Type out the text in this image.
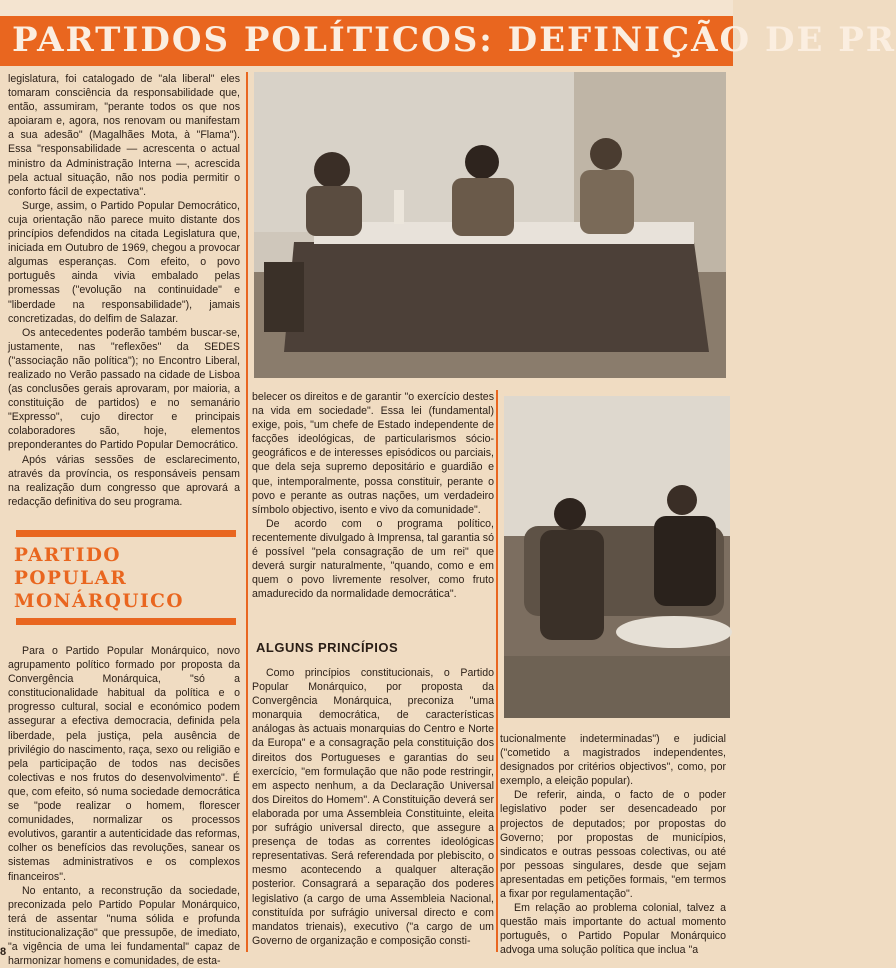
PARTIDOS POLÍTICOS: DEFINIÇÃO DE PR

legislatura, foi catalogado de "ala liberal" eles tomaram consciência da responsabilidade que, então, assumiram, "perante todos os que nos apoiaram e, agora, nos renovam ou manifestam a sua adesão" (Magalhães Mota, à "Flama"). Essa "responsabilidade — acrescenta o actual ministro da Administração Interna —, acrescida pela actual situação, não nos podia permitir o conforto fácil de expectativa".

Surge, assim, o Partido Popular Democrático, cuja orientação não parece muito distante dos princípios defendidos na citada Legislatura que, iniciada em Outubro de 1969, chegou a provocar algumas esperanças. Com efeito, o povo português ainda vivia embalado pelas promessas ("evolução na continuidade" e "liberdade na responsabilidade"), jamais concretizadas, do delfim de Salazar.

Os antecedentes poderão também buscar-se, justamente, nas "reflexões" da SEDES ("associação não política"); no Encontro Liberal, realizado no Verão passado na cidade de Lisboa (as conclusões gerais aprovaram, por maioria, a constituição de partidos) e no semanário "Expresso", cujo director e principais colaboradores são, hoje, elementos preponderantes do Partido Popular Democrático.

Após várias sessões de esclarecimento, através da província, os responsáveis pensam na realização dum congresso que aprovará a redacção definitiva do seu programa.

PARTIDO
POPULAR
MONÁRQUICO

Para o Partido Popular Monárquico, novo agrupamento político formado por proposta da Convergência Monárquica, "só a constitucionalidade habitual da política e o progresso cultural, social e económico podem assegurar a efectiva democracia, definida pela liberdade, pela justiça, pela ausência de privilégio do nascimento, raça, sexo ou religião e pela participação de todos nas decisões colectivas e nos frutos do desenvolvimento". É que, com efeito, só numa sociedade democrática se "pode realizar o homem, florescer comunidades, normalizar os processos evolutivos, garantir a autenticidade das reformas, colher os benefícios das revoluções, sanear os sistemas administrativos e os complexos financeiros".

No entanto, a reconstrução da sociedade, preconizada pelo Partido Popular Monárquico, terá de assentar "numa sólida e profunda institucionalização" que pressupõe, de imediato, "a vigência de uma lei fundamental" capaz de harmonizar homens e comunidades, de esta-

belecer os direitos e de garantir "o exercício destes na vida em sociedade". Essa lei (fundamental) exige, pois, "um chefe de Estado independente de facções ideológicas, de particularismos sócio-geográficos e de interesses episódicos ou parciais, que dela seja supremo depositário e guardião e que, intemporalmente, possa constituir, perante o povo e perante as outras nações, um verdadeiro símbolo objectivo, isento e vivo da comunidade".

De acordo com o programa político, recentemente divulgado à Imprensa, tal garantia só é possível "pela consagração de um rei" que deverá surgir naturalmente, "quando, como e em quem o povo livremente resolver, como fruto amadurecido da normalidade democrática".

ALGUNS PRINCÍPIOS

Como princípios constitucionais, o Partido Popular Monárquico, por proposta da Convergência Monárquica, preconiza "uma monarquia democrática, de características análogas às actuais monarquias do Centro e Norte da Europa" e a consagração pela constituição dos direitos dos Portugueses e garantias do seu exercício, "em formulação que não pode restringir, em aspecto nenhum, a da Declaração Universal dos Direitos do Homem". A Constituição deverá ser elaborada por uma Assembleia Constituinte, eleita por sufrágio universal directo, que assegure a presença de todas as correntes ideológicas representativas. Será referendada por plebiscito, o mesmo acontecendo a qualquer alteração posterior. Consagrará a separação dos poderes legislativo (a cargo de uma Assembleia Nacional, constituída por sufrágio universal directo e com mandatos trienais), executivo ("a cargo de um Governo de organização e composição consti-

tucionalmente indeterminadas") e judicial ("cometido a magistrados independentes, designados por critérios objectivos", como, por exemplo, a eleição popular).

De referir, ainda, o facto de o poder legislativo poder ser desencadeado por projectos de deputados; por propostas do Governo; por propostas de municípios, sindicatos e outras pessoas colectivas, ou até por pessoas singulares, desde que sejam apresentadas em petições formais, "em termos a fixar por regulamentação".

Em relação ao problema colonial, talvez a questão mais importante do actual momento português, o Partido Popular Monárquico advoga uma solução política que inclua "a

8
